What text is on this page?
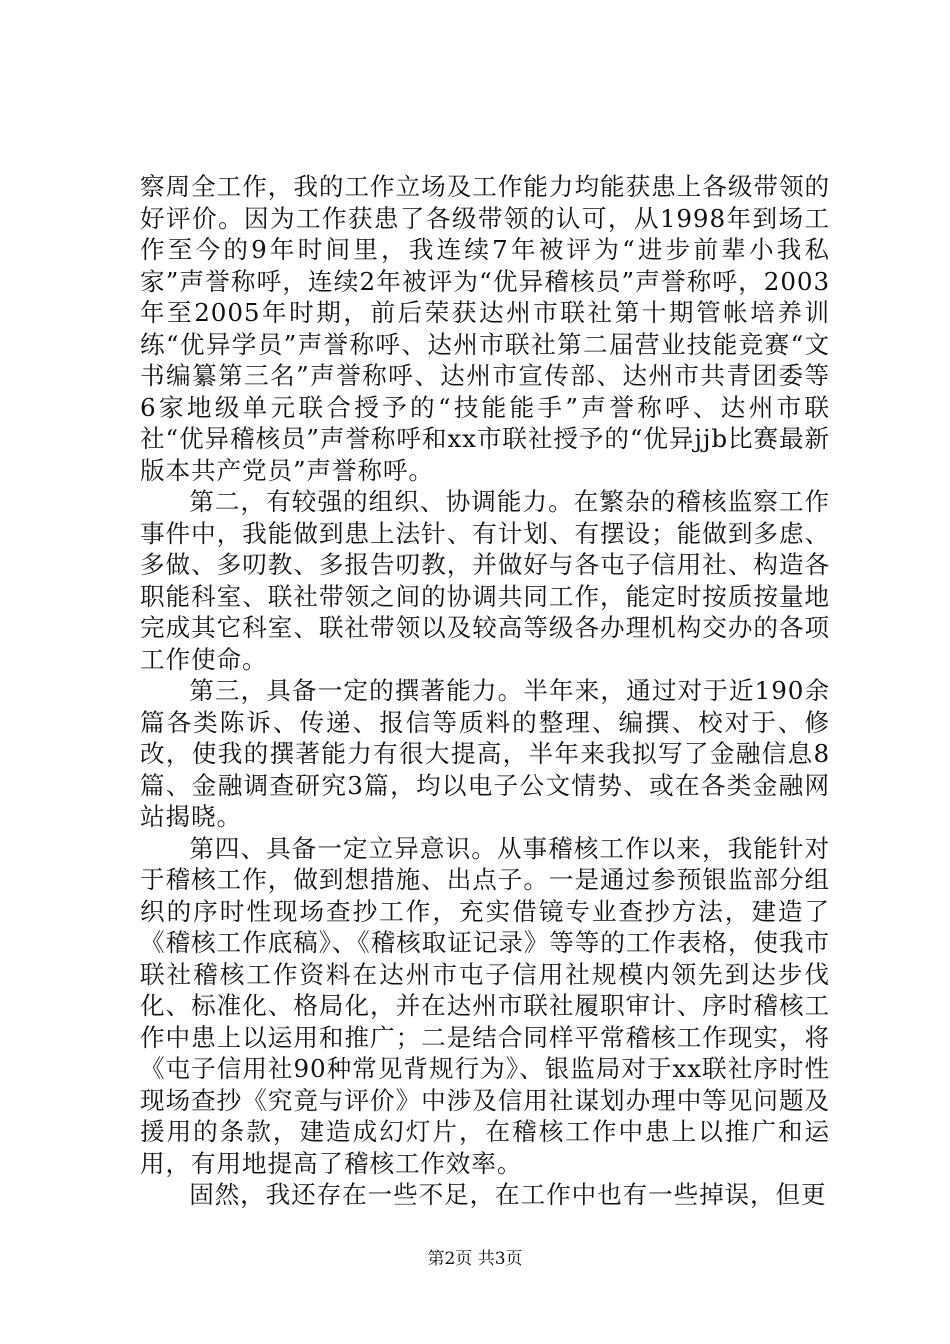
察周全工作，我的工作立场及工作能力均能获患上各级带领的好评价。因为工作获患了各级带领的认可，从1998年到场工作至今的9年时间里，我连续7年被评为“进步前辈小我私家”声誉称呼，连续2年被评为“优异稽核员”声誉称呼，2003年至2005年时期，前后荣获达州市联社第十期管帐培养训练“优异学员”声誉称呼、达州市联社第二届营业技能竞赛“文书编纂第三名”声誉称呼、达州市宣传部、达州市共青团委等6家地级单元联合授予的“技能能手”声誉称呼、达州市联社“优异稽核员”声誉称呼和xx市联社授予的“优异jjb比赛最新版本共产党员”声誉称呼。

第二，有较强的组织、协调能力。在繁杂的稽核监察工作事件中，我能做到患上法针、有计划、有摆设；能做到多虑、多做、多叨教、多报告叨教，并做好与各屯子信用社、构造各职能科室、联社带领之间的协调共同工作，能定时按质按量地完成其它科室、联社带领以及较高等级各办理机构交办的各项工作使命。

第三，具备一定的撰著能力。半年来，通过对于近190余篇各类陈诉、传递、报信等质料的整理、编撰、校对于、修改，使我的撰著能力有很大提高，半年来我拟写了金融信息8篇、金融调查研究3篇，均以电子公文情势、或在各类金融网站揭晓。

第四、具备一定立异意识。从事稽核工作以来，我能针对于稽核工作，做到想措施、出点子。一是通过参预银监部分组织的序时性现场查抄工作，充实借镜专业查抄方法，建造了《稽核工作底稿》、《稽核取证记录》等等的工作表格，使我市联社稽核工作资料在达州市屯子信用社规模内领先到达步伐化、标准化、格局化，并在达州市联社履职审计、序时稽核工作中患上以运用和推广；二是结合同样平常稽核工作现实，将《屯子信用社90种常见背规行为》、银监局对于xx联社序时性现场查抄《究竟与评价》中涉及信用社谋划办理中等见问题及援用的条款，建造成幻灯片，在稽核工作中患上以推广和运用，有用地提高了稽核工作效率。

固然，我还存在一些不足，在工作中也有一些掉误，但更

第2页 共3页
